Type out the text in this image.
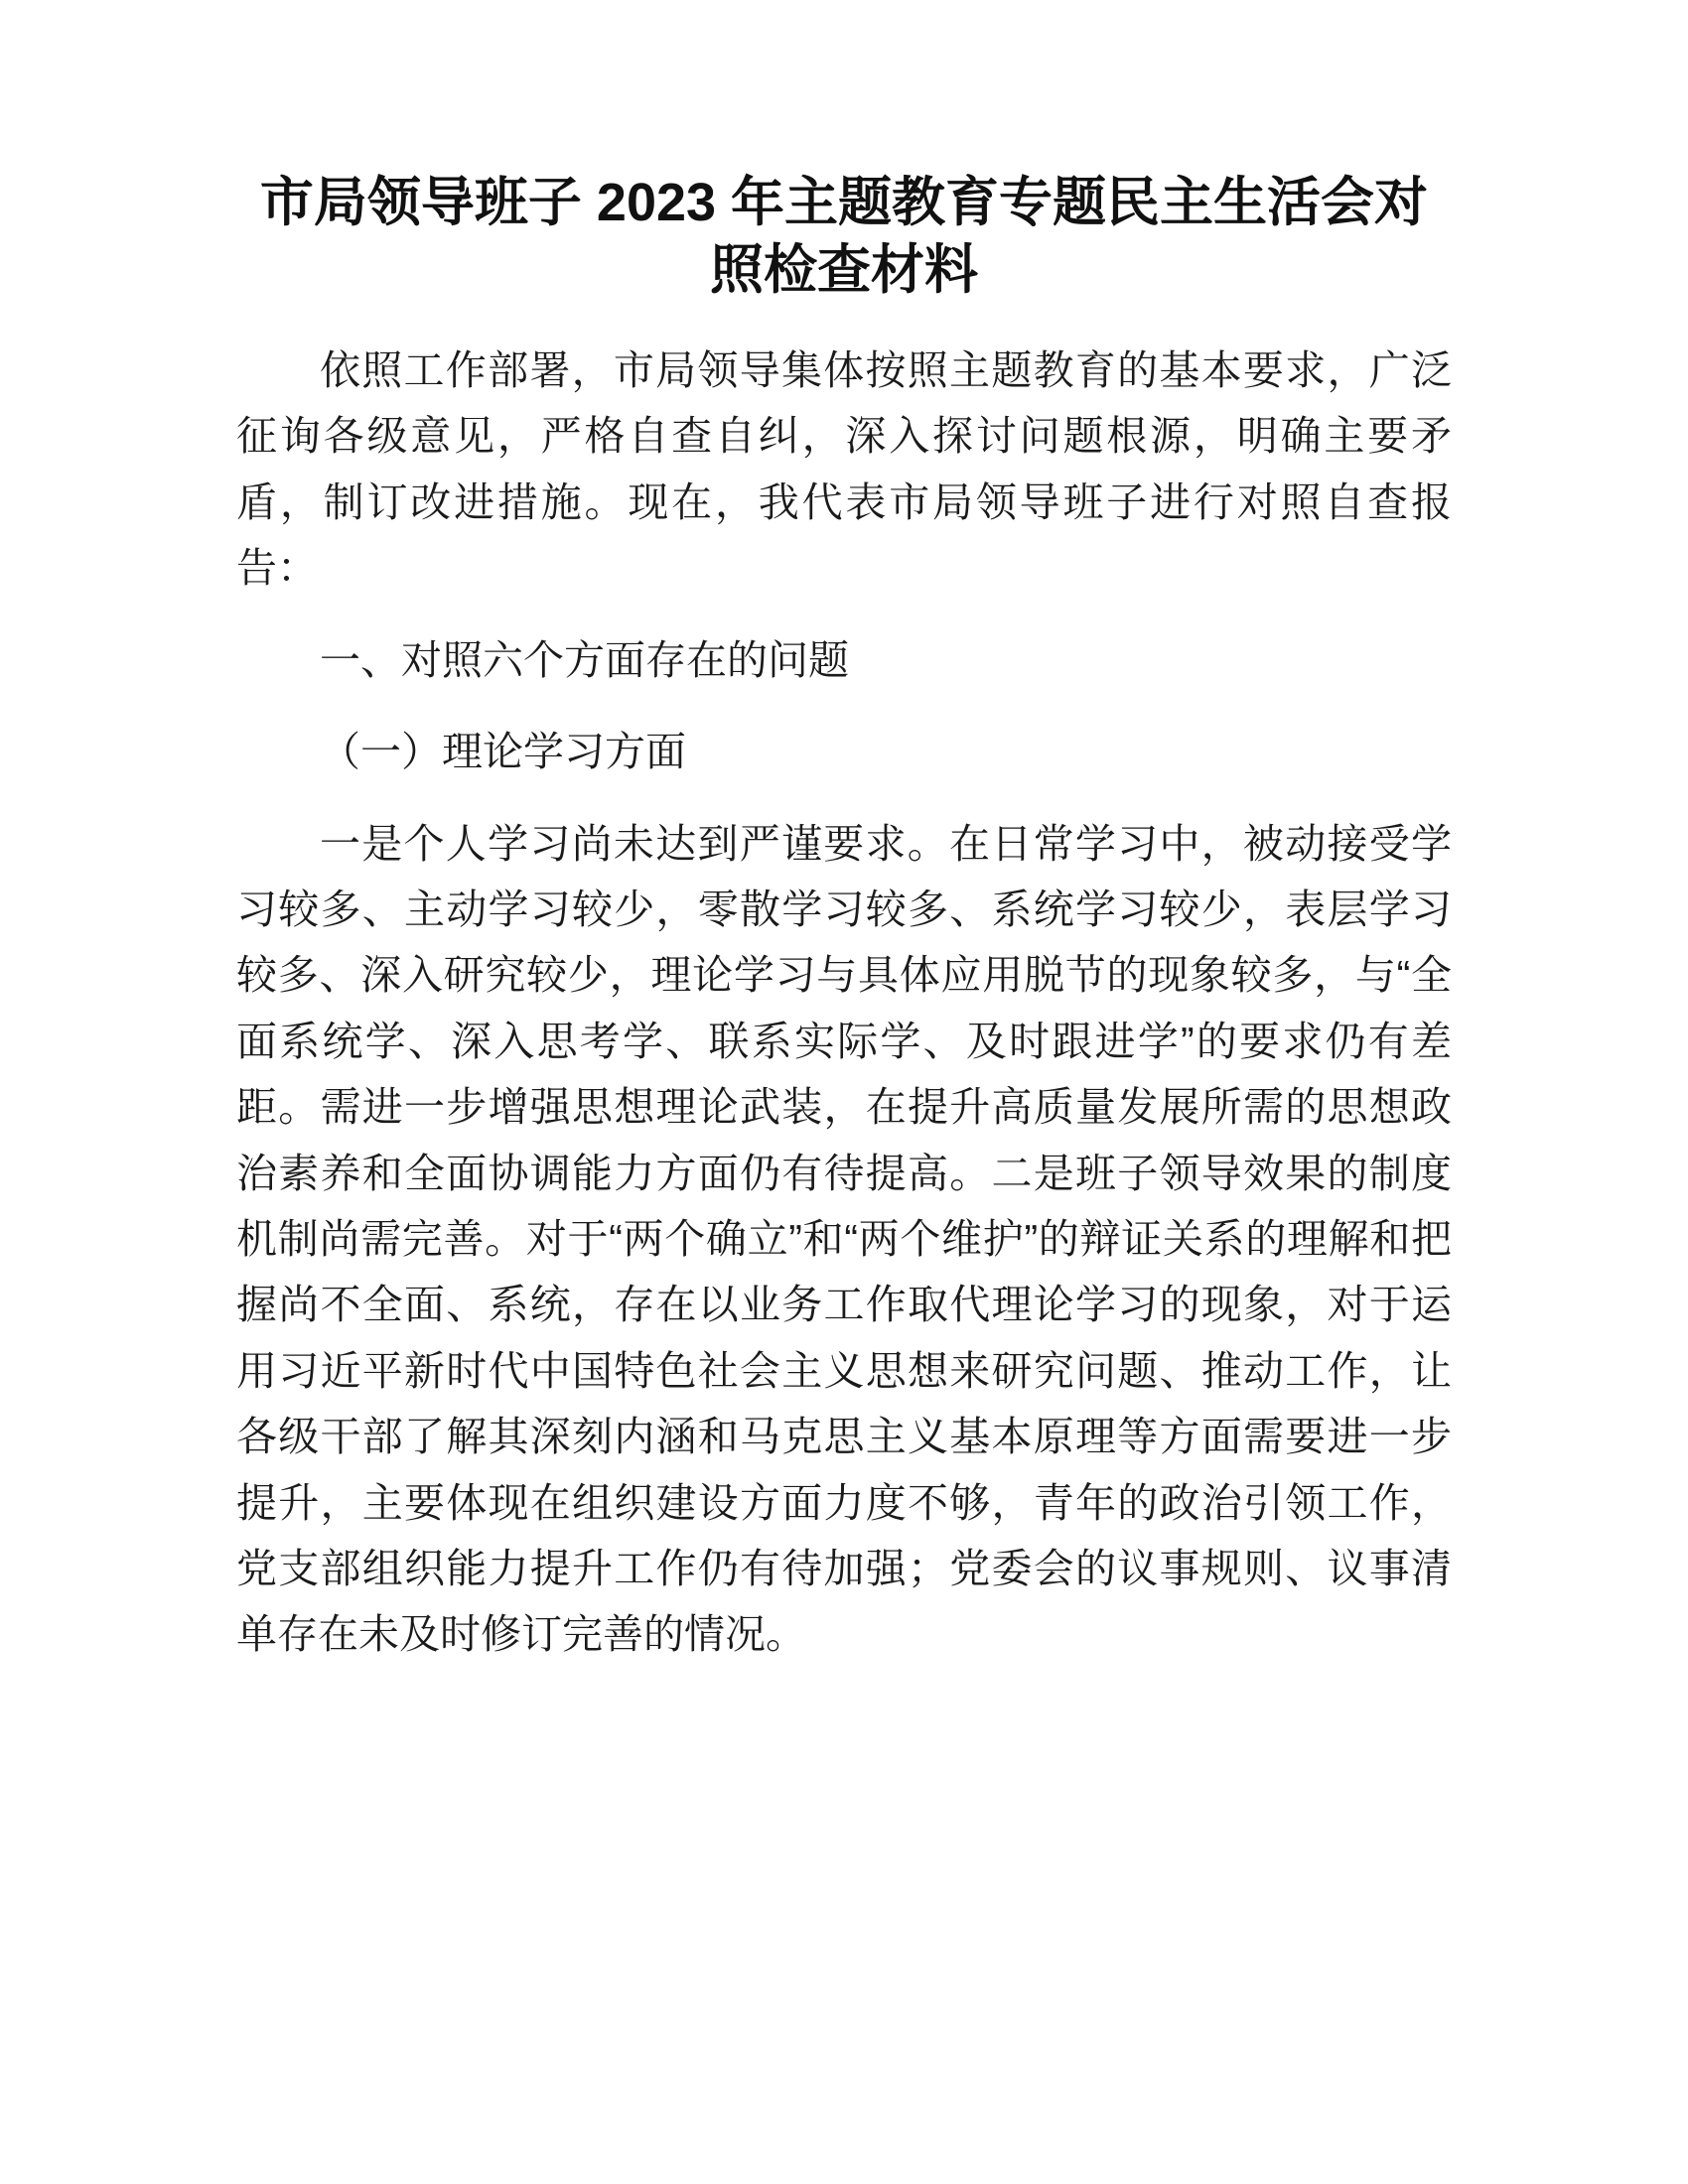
市局领导班子 2023 年主题教育专题民主生活会对照检查材料

依照工作部署，市局领导集体按照主题教育的基本要求，广泛征询各级意见，严格自查自纠，深入探讨问题根源，明确主要矛盾，制订改进措施。现在，我代表市局领导班子进行对照自查报告：

一、对照六个方面存在的问题

（一）理论学习方面

一是个人学习尚未达到严谨要求。在日常学习中，被动接受学习较多、主动学习较少，零散学习较多、系统学习较少，表层学习较多、深入研究较少，理论学习与具体应用脱节的现象较多，与“全面系统学、深入思考学、联系实际学、及时跟进学”的要求仍有差距。需进一步增强思想理论武装，在提升高质量发展所需的思想政治素养和全面协调能力方面仍有待提高。二是班子领导效果的制度机制尚需完善。对于“两个确立”和“两个维护”的辩证关系的理解和把握尚不全面、系统，存在以业务工作取代理论学习的现象，对于运用习近平新时代中国特色社会主义思想来研究问题、推动工作，让各级干部了解其深刻内涵和马克思主义基本原理等方面需要进一步提升，主要体现在组织建设方面力度不够，青年的政治引领工作，党支部组织能力提升工作仍有待加强；党委会的议事规则、议事清单存在未及时修订完善的情况。
